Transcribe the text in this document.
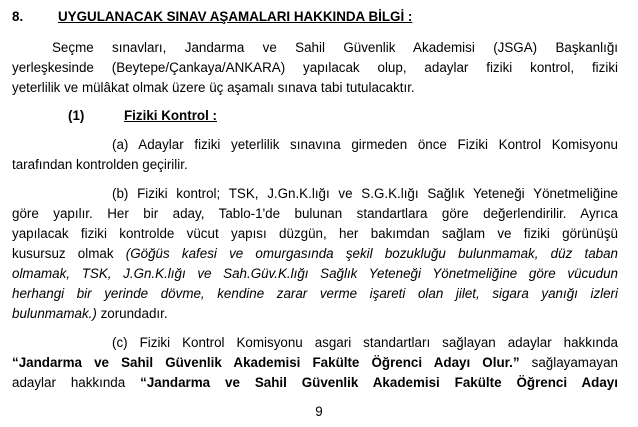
8.	UYGULANACAK SINAV AŞAMALARI HAKKINDA BİLGİ :
Seçme sınavları, Jandarma ve Sahil Güvenlik Akademisi (JSGA) Başkanlığı
yerleşkesinde (Beytepe/Çankaya/ANKARA) yapılacak olup, adaylar fiziki kontrol, fiziki
yeterlilik ve mülâkat olmak üzere üç aşamalı sınava tabi tutulacaktır.
(1)	Fiziki Kontrol :
(a) Adaylar fiziki yeterlilik sınavına girmeden önce Fiziki Kontrol Komisyonu
tarafından kontrolden geçirilir.
(b) Fiziki kontrol; TSK, J.Gn.K.lığı ve S.G.K.lığı Sağlık Yeteneği Yönetmeliğine
göre yapılır. Her bir aday, Tablo-1'de bulunan standartlara göre değerlendirilir. Ayrıca
yapılacak fiziki kontrolde vücut yapısı düzgün, her bakımdan sağlam ve fiziki görünüşü
kusursuz olmak (Göğüs kafesi ve omurgasında şekil bozukluğu bulunmamak, düz taban
olmamak, TSK, J.Gn.K.lığı ve Sah.Güv.K.lığı Sağlık Yeteneği Yönetmeliğine göre vücudun
herhangi bir yerinde dövme, kendine zarar verme işareti olan jilet, sigara yanığı izleri
bulunmamak.) zorundadır.
(c) Fiziki Kontrol Komisyonu asgari standartları sağlayan adaylar hakkında
“Jandarma ve Sahil Güvenlik Akademisi Fakülte Öğrenci Adayı Olur.” sağlayamayan
adaylar hakkında “Jandarma ve Sahil Güvenlik Akademisi Fakülte Öğrenci Adayı
9
